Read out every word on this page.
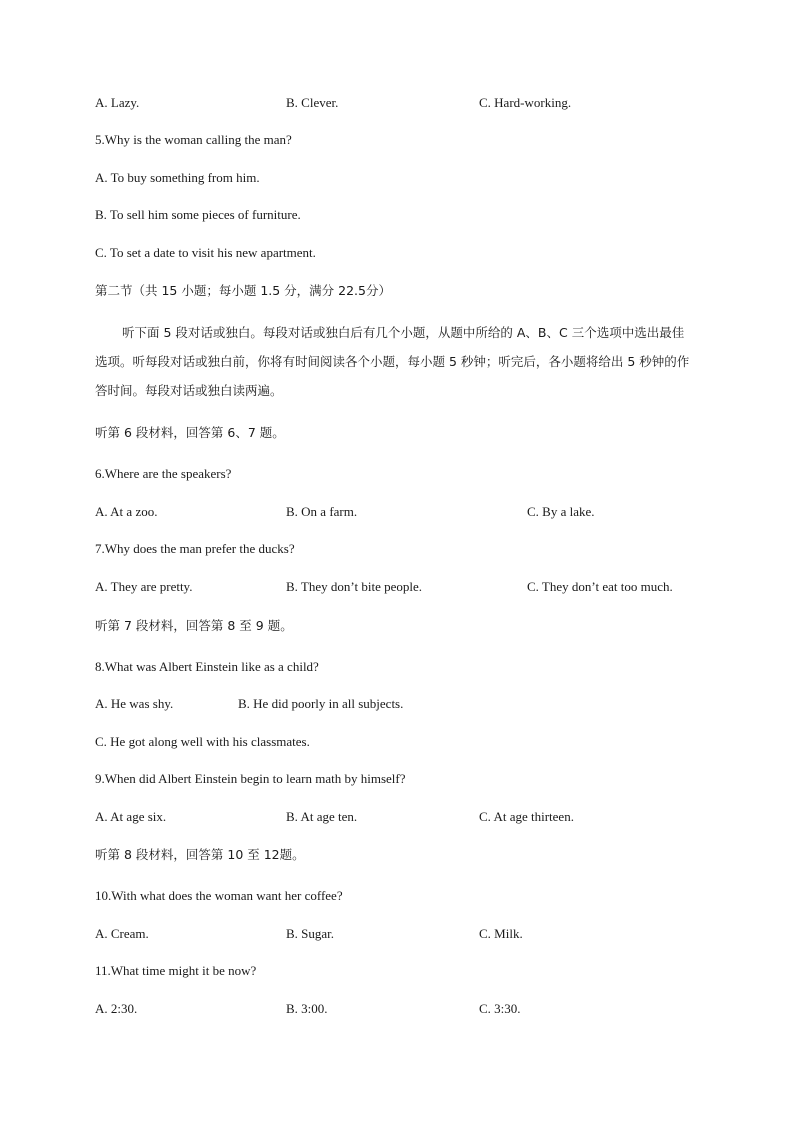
A. Lazy.	B. Clever.	C. Hard-working.
5.Why is the woman calling the man?
A. To buy something from him.
B. To sell him some pieces of furniture.
C. To set a date to visit his new apartment.
第二节（共 15 小题；每小题 1.5 分，满分 22.5分）
听下面 5 段对话或独白。每段对话或独白后有几个小题，从题中所给的 A、B、C 三个选项中选出最佳选项。听每段对话或独白前，你将有时间阅读各个小题，每小题 5 秒钟；听完后，各小题将给出 5 秒钟的作答时间。每段对话或独白读两遍。
听第 6 段材料，回答第 6、7 题。
6.Where are the speakers?
A. At a zoo.	B. On a farm.	C. By a lake.
7.Why does the man prefer the ducks?
A. They are pretty.	B. They don’t bite people.	C. They don’t eat too much.
听第 7 段材料，回答第 8 至 9 题。
8.What was Albert Einstein like as a child?
A. He was shy.	B. He did poorly in all subjects.
C. He got along well with his classmates.
9.When did Albert Einstein begin to learn math by himself?
A. At age six.	B. At age ten.	C. At age thirteen.
听第 8 段材料，回答第 10 至 12题。
10.With what does the woman want her coffee?
A. Cream.	B. Sugar.	C. Milk.
11.What time might it be now?
A. 2:30.	B. 3:00.	C. 3:30.
